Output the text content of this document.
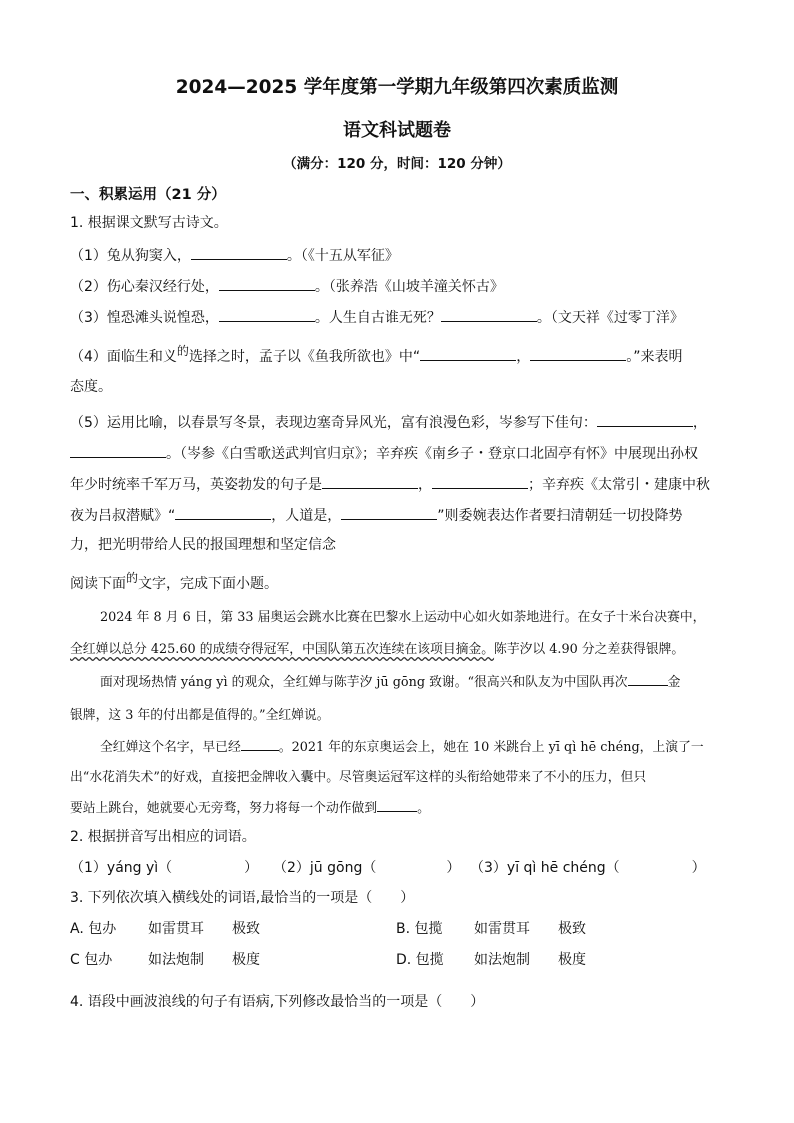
2024—2025 学年度第一学期九年级第四次素质监测
语文科试题卷
（满分：120 分，时间：120 分钟）
一、积累运用（21 分）
1. 根据课文默写古诗文。
（1）兔从狗窦入，	。（《十五从军征》
（2）伤心秦汉经行处，	。（张养浩《山坡羊潼关怀古》
（3）惶恐滩头说惶恐，	。人生自古谁无死？	。（文天祥《过零丁洋》
（4）面临生和义的选择之时，孟子以《鱼我所欲也》中“	，	。”来表明
态度。
（5）运用比喻，以春景写冬景，表现边塞奇异风光，富有浪漫色彩，岑参写下佳句：	，
。（岑参《白雪歌送武判官归京》；辛弃疾《南乡子・登京口北固亭有怀》中展现出孙权
年少时统率千军万马，英姿勃发的句子是	，	；辛弃疾《太常引・建康中秋
夜为吕叔潜赋》“	，人道是，	”则委婉表达作者要扫清朝廷一切投降势
力，把光明带给人民的报国理想和坚定信念
阅读下面的文字，完成下面小题。
2024 年 8 月 6 日，第 33 届奥运会跳水比赛在巴黎水上运动中心如火如荼地进行。在女子十米台决赛中，
全红婵以总分 425.60 的成绩夺得冠军，中国队第五次连续在该项目摘金。陈芋汐以 4.90 分之差获得银牌。
面对现场热情 yáng yì 的观众，全红婵与陈芋汐 jū gōng 致谢。“很高兴和队友为中国队再次	金
银牌，这 3 年的付出都是值得的。”全红婵说。
全红婵这个名字，早已经	。2021 年的东京奥运会上，她在 10 米跳台上 yī qì hē chéng，上演了一
出“水花消失术”的好戏，直接把金牌收入囊中。尽管奥运冠军这样的头衔给她带来了不小的压力，但只
要站上跳台，她就要心无旁骛，努力将每一个动作做到	。
2. 根据拼音写出相应的词语。
（1）yáng yì（	） （2）jū gōng（	） （3）yī qì hē chéng（	）
3. 下列依次填入横线处的词语,最恰当的一项是（　　）
A. 包办 如雷贯耳 极致	B. 包揽 如雷贯耳 极致
C 包办	如法炮制 极度	D. 包揽 如法炮制 极度
4. 语段中画波浪线的句子有语病,下列修改最恰当的一项是（　　）
